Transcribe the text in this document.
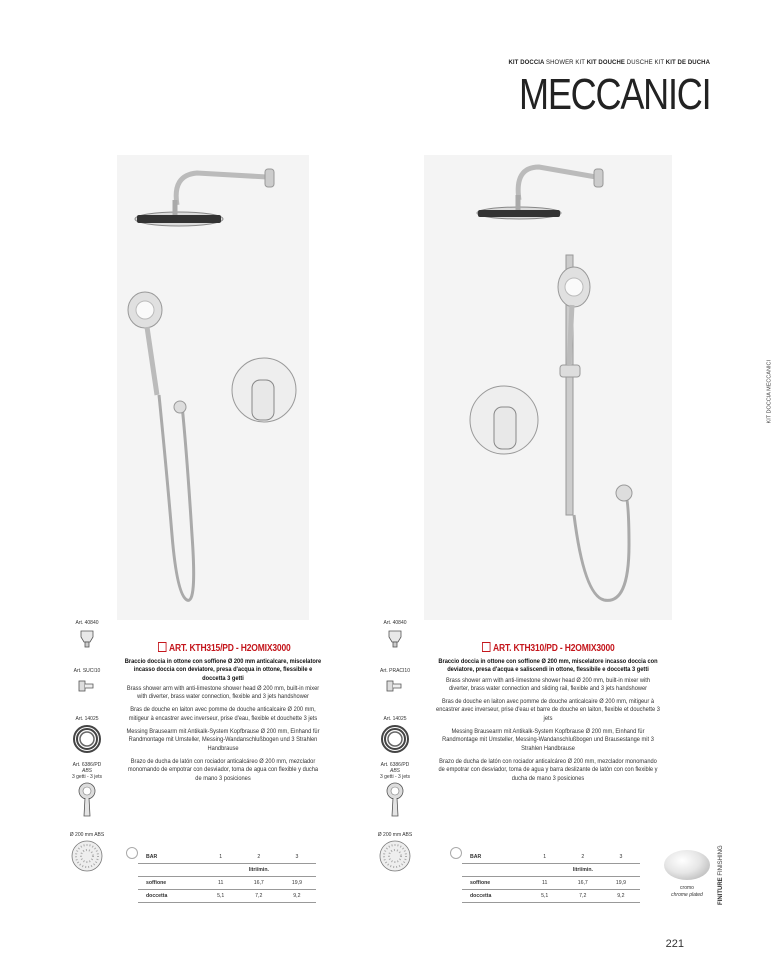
KIT DOCCIA SHOWER KIT KIT DOUCHE DUSCHE KIT KIT DE DUCHA
MECCANICI
KIT DOCCIA MECCANICI
Art. 40840
Art. SUCI10
Art. 14025
Art. 6386/PD
ABS
3 getti - 3 jets
Ø 200 mm ABS
Art. 40840
Art. PRACI10
Art. 14025
Art. 6386/PD
ABS
3 getti - 3 jets
Ø 200 mm ABS
ART. KTH315/PD - H2OMIX3000
Braccio doccia in ottone con soffione Ø 200 mm anticalcare, miscelatore incasso doccia con deviatore, presa d'acqua in ottone, flessibile e doccetta 3 getti
Brass shower arm with anti-limestone shower head Ø 200 mm, built-in mixer with diverter, brass water connection, flexible and 3 jets handshower
Bras de douche en laiton avec pomme de douche anticalcaire Ø 200 mm, mitigeur à encastrer avec inverseur, prise d'eau, flexible et douchette 3 jets
Messing Brausearm mit Antikalk-System Kopfbrause Ø 200 mm, Einhand für Randmontage mit Umsteller, Messing-Wandanschlußbogen und 3 Strahlen Handbrause
Brazo de ducha de latón con rociador anticalcáreo Ø 200 mm, mezclador monomando de empotrar con desviador, toma de agua con flexible y ducha de mano 3 posiciones
ART. KTH310/PD - H2OMIX3000
Braccio doccia in ottone con soffione Ø 200 mm, miscelatore incasso doccia con deviatore, presa d'acqua e saliscendi in ottone, flessibile e doccetta 3 getti
Brass shower arm with anti-limestone shower head Ø 200 mm, built-in mixer with diverter, brass water connection and sliding rail, flexible and 3 jets handshower
Bras de douche en laiton avec pomme de douche anticalcaire Ø 200 mm, mitigeur à encastrer avec inverseur, prise d'eau et barre de douche en laiton, flexible et douchette 3 jets
Messing Brausearm mit Antikalk-System Kopfbrause Ø 200 mm, Einhand für Randmontage mit Umsteller, Messing-Wandanschlußbogen und Brausestange mit 3 Strahlen Handbrause
Brazo de ducha de latón con rociador anticalcáreo Ø 200 mm, mezclador monomando de empotrar con desviador, toma de agua y barra deslizante de latón con con flexible y ducha de mano 3 posiciones
BAR	1	2	3
	litri/min.		
soffione	11	16,7	19,9
doccetta	5,1	7,2	9,2
BAR	1	2	3
	litri/min.		
soffione	11	16,7	19,9
doccetta	5,1	7,2	9,2
cromo
chrome plated	FINITURE FINISHING
221
